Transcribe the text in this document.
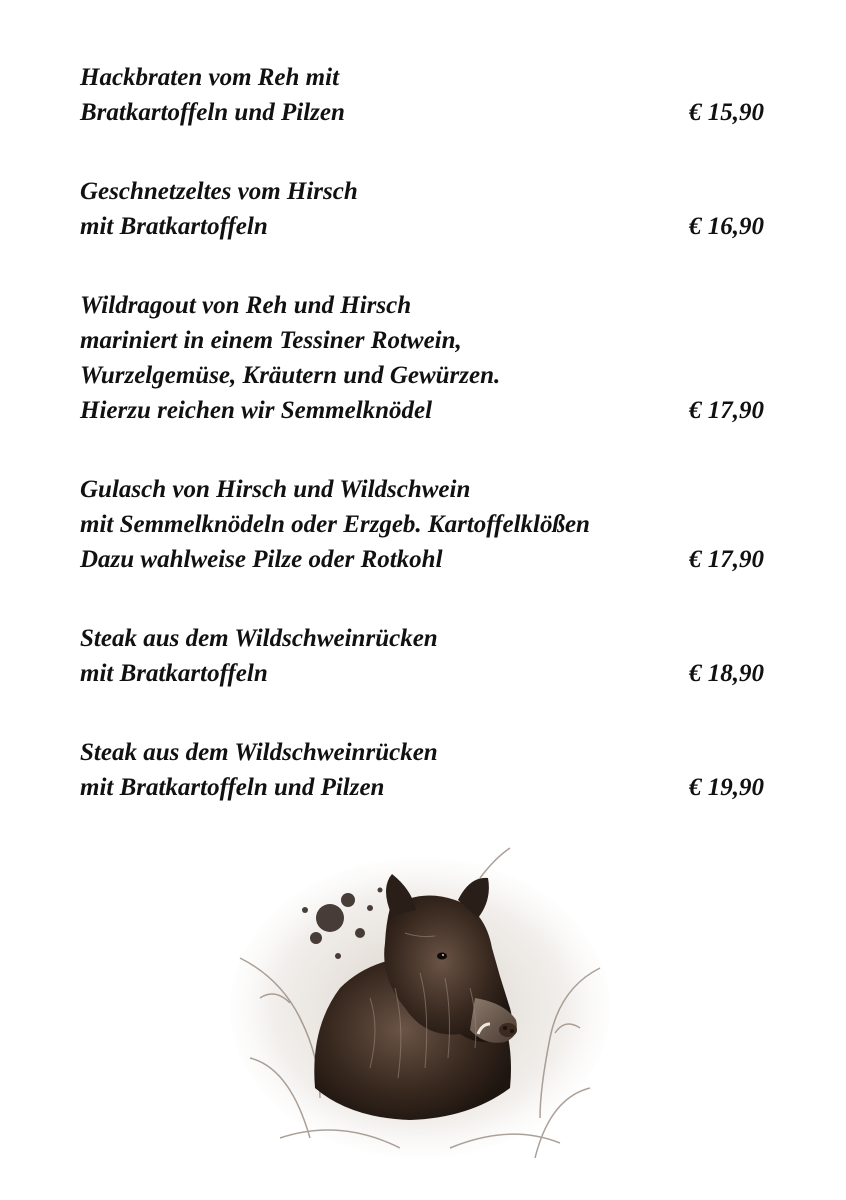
Hackbraten vom Reh mit
Bratkartoffeln und Pilzen	€ 15,90
Geschnetzeltes vom Hirsch
mit Bratkartoffeln	€ 16,90
Wildragout von Reh und Hirsch
mariniert in einem Tessiner Rotwein,
Wurzelgemüse, Kräutern und Gewürzen.
Hierzu reichen wir Semmelknödel	€ 17,90
Gulasch von Hirsch und Wildschwein
mit Semmelknödeln oder Erzgeb. Kartoffelklößen
Dazu wahlweise Pilze oder Rotkohl	€ 17,90
Steak aus dem Wildschweinrücken
mit Bratkartoffeln	€ 18,90
Steak aus dem Wildschweinrücken
mit Bratkartoffeln und Pilzen	€ 19,90
